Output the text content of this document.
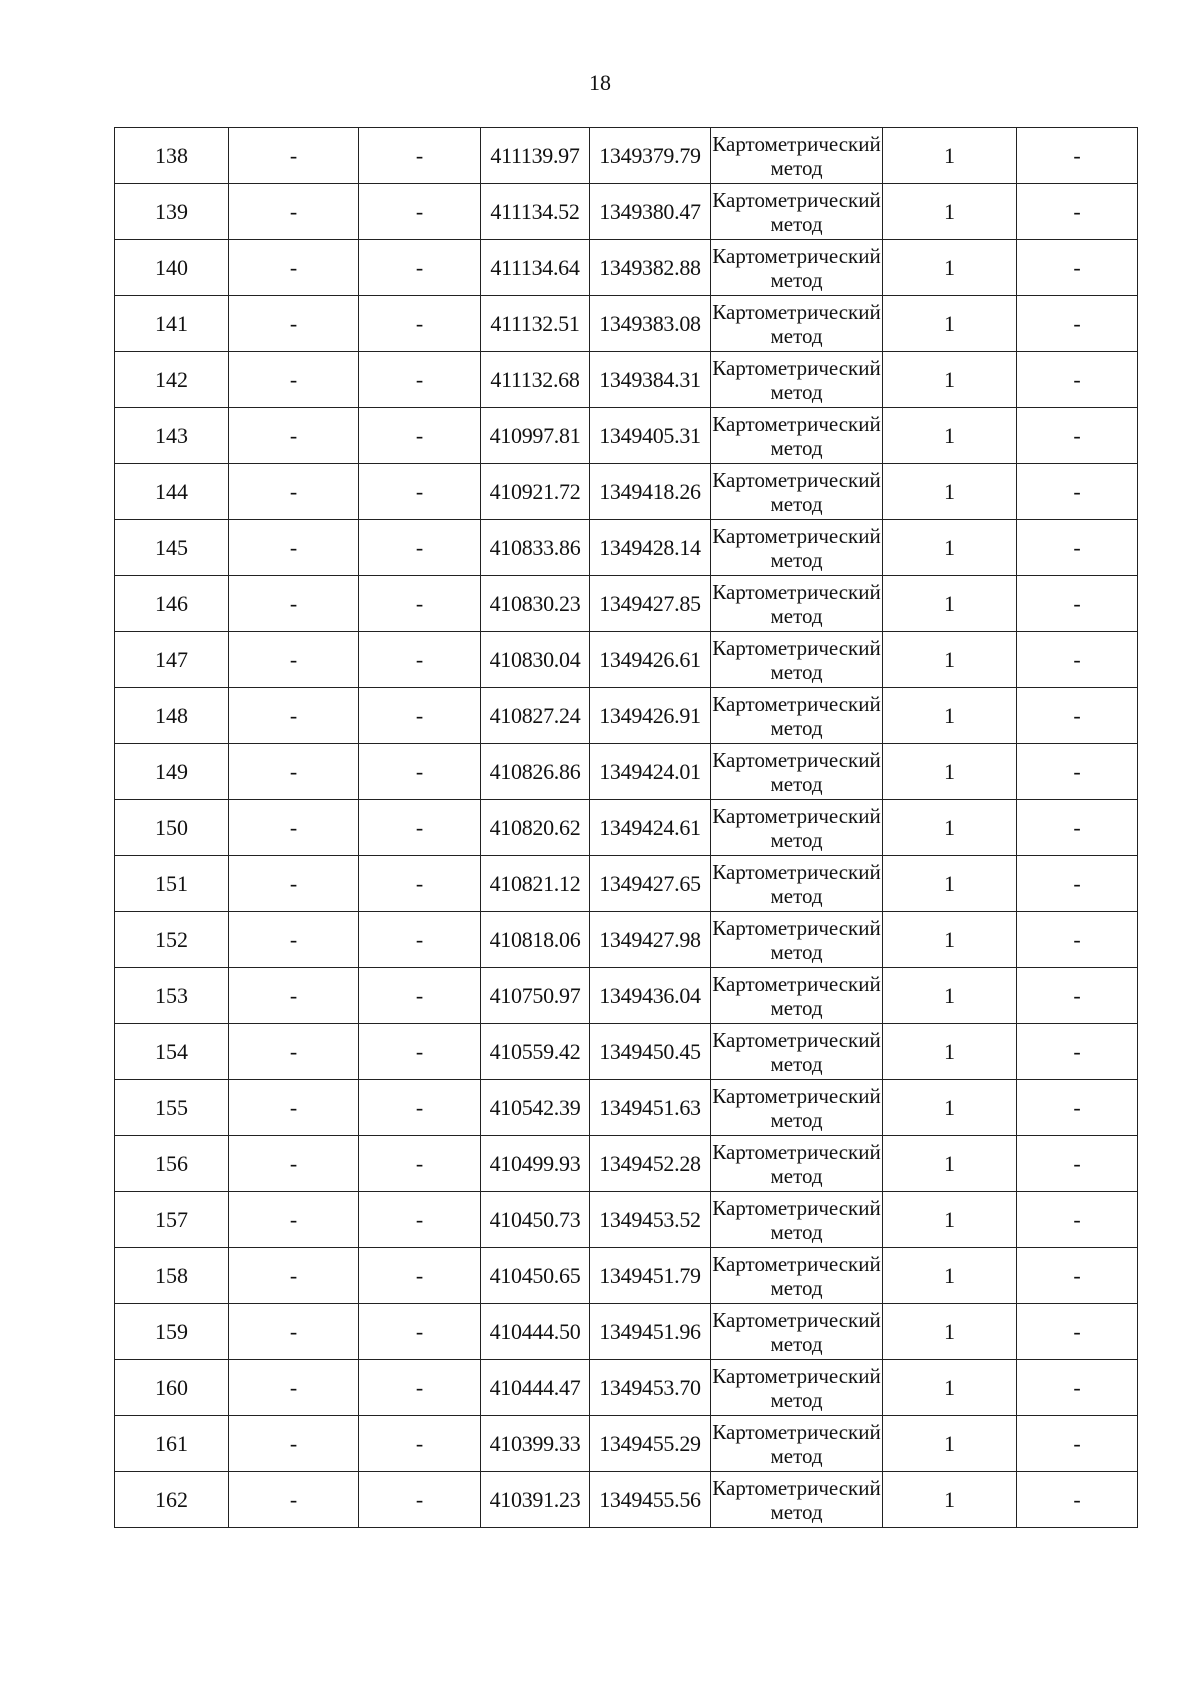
18
138	-	-	411139.97	1349379.79	Картометрический метод	1	-
139	-	-	411134.52	1349380.47	Картометрический метод	1	-
140	-	-	411134.64	1349382.88	Картометрический метод	1	-
141	-	-	411132.51	1349383.08	Картометрический метод	1	-
142	-	-	411132.68	1349384.31	Картометрический метод	1	-
143	-	-	410997.81	1349405.31	Картометрический метод	1	-
144	-	-	410921.72	1349418.26	Картометрический метод	1	-
145	-	-	410833.86	1349428.14	Картометрический метод	1	-
146	-	-	410830.23	1349427.85	Картометрический метод	1	-
147	-	-	410830.04	1349426.61	Картометрический метод	1	-
148	-	-	410827.24	1349426.91	Картометрический метод	1	-
149	-	-	410826.86	1349424.01	Картометрический метод	1	-
150	-	-	410820.62	1349424.61	Картометрический метод	1	-
151	-	-	410821.12	1349427.65	Картометрический метод	1	-
152	-	-	410818.06	1349427.98	Картометрический метод	1	-
153	-	-	410750.97	1349436.04	Картометрический метод	1	-
154	-	-	410559.42	1349450.45	Картометрический метод	1	-
155	-	-	410542.39	1349451.63	Картометрический метод	1	-
156	-	-	410499.93	1349452.28	Картометрический метод	1	-
157	-	-	410450.73	1349453.52	Картометрический метод	1	-
158	-	-	410450.65	1349451.79	Картометрический метод	1	-
159	-	-	410444.50	1349451.96	Картометрический метод	1	-
160	-	-	410444.47	1349453.70	Картометрический метод	1	-
161	-	-	410399.33	1349455.29	Картометрический метод	1	-
162	-	-	410391.23	1349455.56	Картометрический метод	1	-
